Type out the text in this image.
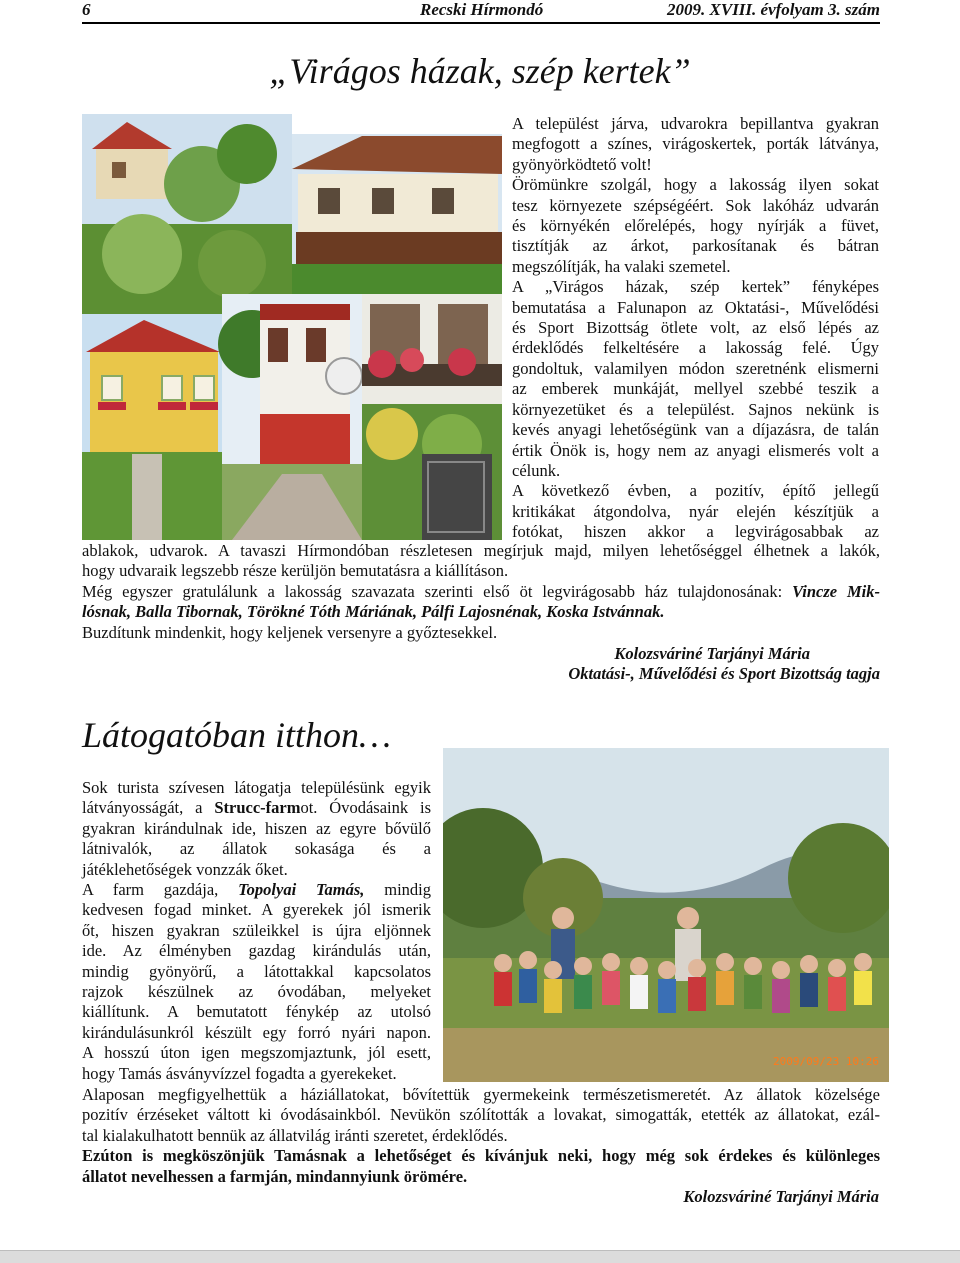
6	Recski Hírmondó	2009. XVIII. évfolyam 3. szám
„Virágos házak, szép kertek”
A települést járva, udvarokra bepillantva gyakran
megfogott a színes, virágoskertek, porták látványa,
gyönyörködtető volt!
Örömünkre szolgál, hogy a lakosság ilyen sokat
tesz környezete szépségéért. Sok lakóház udvarán
és környékén előrelépés, hogy nyírják a füvet,
tisztítják az árkot, parkosítanak és bátran
megszólítják, ha valaki szemetel.
A „Virágos házak, szép kertek” fényképes
bemutatása a Falunapon az Oktatási-, Művelődési
és Sport Bizottság ötlete volt, az első lépés az
érdeklődés felkeltésére a lakosság felé. Úgy
gondoltuk, valamilyen módon szeretnénk elismerni
az emberek munkáját, mellyel szebbé teszik a
környezetüket és a települést. Sajnos nekünk is
kevés anyagi lehetőségünk van a díjazásra, de talán
értik Önök is, hogy nem az anyagi elismerés volt a
célunk.
A következő évben, a pozitív, építő jellegű
kritikákat átgondolva, nyár elején készítjük a
fotókat, hiszen akkor a legvirágosabbak az
ablakok, udvarok. A tavaszi Hírmondóban részletesen megírjuk majd, milyen lehetőséggel élhetnek a lakók,
hogy udvaraik legszebb része kerüljön bemutatásra a kiállításon.
Még egyszer gratulálunk a lakosság szavazata szerinti első öt legvirágosabb ház tulajdonosának: Vincze Mik-
lósnak, Balla Tibornak, Törökné Tóth Máriának, Pálfi Lajosnénak, Koska Istvánnak.
Buzdítunk mindenkit, hogy keljenek versenyre a győztesekkel.
Kolozsváriné Tarjányi Mária
Oktatási-, Művelődési és Sport Bizottság tagja
Látogatóban itthon…
Sok turista szívesen látogatja településünk egyik
látványosságát, a Strucc-farmot. Óvodásaink is
gyakran kirándulnak ide, hiszen az egyre bővülő
látnivalók, az állatok sokasága és a
játéklehetőségek vonzzák őket.
A farm gazdája, Topolyai Tamás, mindig
kedvesen fogad minket. A gyerekek jól ismerik
őt, hiszen gyakran szüleikkel is újra eljönnek
ide. Az élményben gazdag kirándulás után,
mindig gyönyörű, a látottakkal kapcsolatos
rajzok készülnek az óvodában, melyeket
kiállítunk. A bemutatott fénykép az utolsó
kirándulásunkról készült egy forró nyári napon.
A hosszú úton igen megszomjaztunk, jól esett,
hogy Tamás ásványvízzel fogadta a gyerekeket.
2009/09/23 10:26
Alaposan megfigyelhettük a háziállatokat, bővítettük gyermekeink természetismeretét. Az állatok közelsége
pozitív érzéseket váltott ki óvodásainkból. Nevükön szólították a lovakat, simogatták, etették az állatokat, ezál-
tal kialakulhatott bennük az állatvilág iránti szeretet, érdeklődés.
Ezúton is megköszönjük Tamásnak a lehetőséget és kívánjuk neki, hogy még sok érdekes és különleges
állatot nevelhessen a farmján, mindannyiunk örömére.
Kolozsváriné Tarjányi Mária
